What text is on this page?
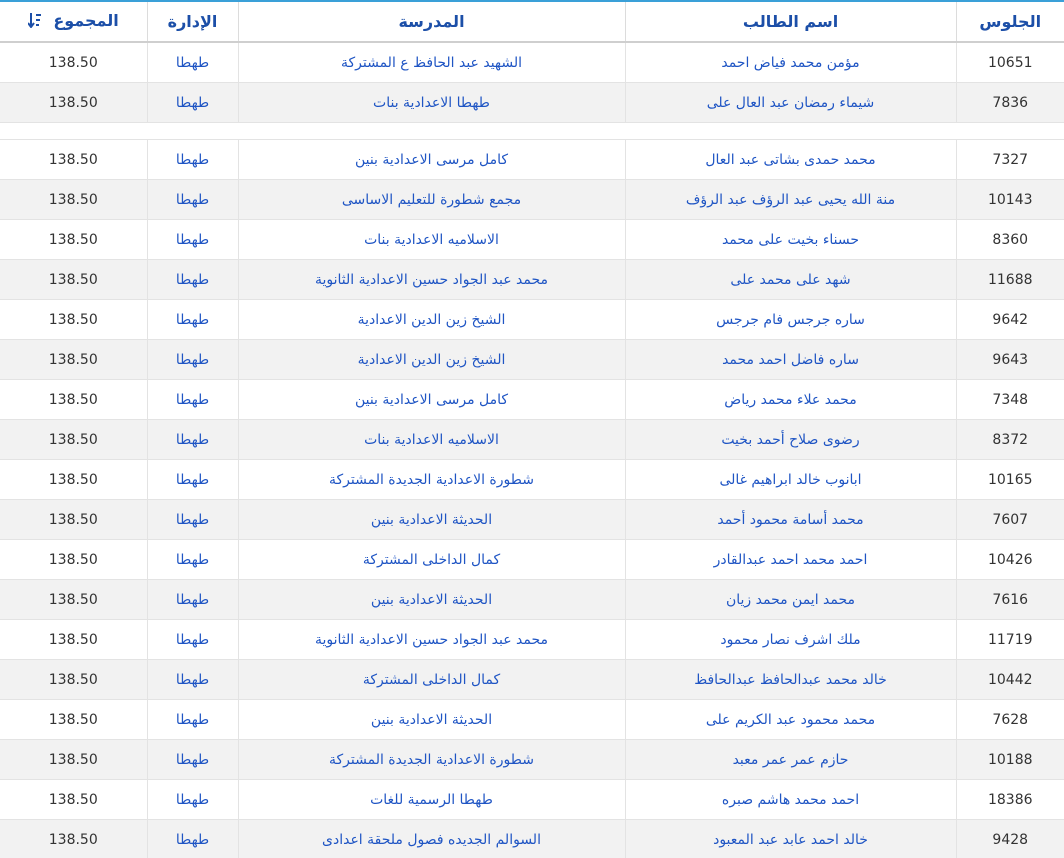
الجلوس	اسم الطالب	المدرسة	الإدارة	المجموع
10651	مؤمن محمد فياض احمد	الشهيد عبد الحافظ ع المشتركة	طهطا	138.50
7836	شيماء رمضان عبد العال على	طهطا الاعدادية بنات	طهطا	138.50

7327	محمد حمدى بشاتى عبد العال	كامل مرسى الاعدادية بنين	طهطا	138.50
10143	منة الله يحيى عبد الرؤف عبد الرؤف	مجمع شطورة للتعليم الاساسى	طهطا	138.50
8360	حسناء بخيت على محمد	الاسلاميه الاعدادية بنات	طهطا	138.50
11688	شهد على محمد على	محمد عبد الجواد حسين الاعدادية الثانوية	طهطا	138.50
9642	ساره جرجس فام جرجس	الشيخ زين الدين الاعدادية	طهطا	138.50
9643	ساره فاضل احمد محمد	الشيخ زين الدين الاعدادية	طهطا	138.50
7348	محمد علاء محمد رياض	كامل مرسى الاعدادية بنين	طهطا	138.50
8372	رضوى صلاح أحمد بخيت	الاسلاميه الاعدادية بنات	طهطا	138.50
10165	ابانوب خالد ابراهيم غالى	شطورة الاعدادية الجديدة المشتركة	طهطا	138.50
7607	محمد أسامة محمود أحمد	الحديثة الاعدادية بنين	طهطا	138.50
10426	احمد محمد احمد عبدالقادر	كمال الداخلى المشتركة	طهطا	138.50
7616	محمد ايمن محمد زيان	الحديثة الاعدادية بنين	طهطا	138.50
11719	ملك اشرف نصار محمود	محمد عبد الجواد حسين الاعدادية الثانوية	طهطا	138.50
10442	خالد محمد عبدالحافظ عبدالحافظ	كمال الداخلى المشتركة	طهطا	138.50
7628	محمد محمود عبد الكريم على	الحديثة الاعدادية بنين	طهطا	138.50
10188	حازم عمر عمر معبد	شطورة الاعدادية الجديدة المشتركة	طهطا	138.50
18386	احمد محمد هاشم صبره	طهطا الرسمية للغات	طهطا	138.50
9428	خالد احمد عابد عبد المعبود	السوالم الجديده فصول ملحقة اعدادى	طهطا	138.50
